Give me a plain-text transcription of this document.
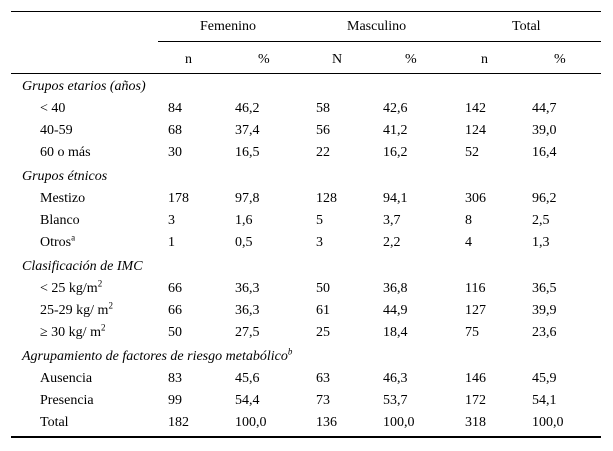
Femenino	Masculino	Total
n	%	N	%	n	%
Grupos etarios (años)
< 40	84	46,2	58	42,6	142	44,7
40-59	68	37,4	56	41,2	124	39,0
60 o más	30	16,5	22	16,2	52	16,4
Grupos étnicos
Mestizo	178	97,8	128	94,1	306	96,2
Blanco	3	1,6	5	3,7	8	2,5
Otros$^a$	1	0,5	3	2,2	4	1,3
Clasificación de IMC
< 25 $kg/m^2$	66	36,3	50	36,8	116	36,5
25-29 kg/ $m^2$	66	36,3	61	44,9	127	39,9
≥ 30 kg/ $m^2$	50	27,5	25	18,4	75	23,6
Agrupamiento de factores de riesgo metabólico$^b$
Ausencia	83	45,6	63	46,3	146	45,9
Presencia	99	54,4	73	53,7	172	54,1
Total	182	100,0	136	100,0	318	100,0
